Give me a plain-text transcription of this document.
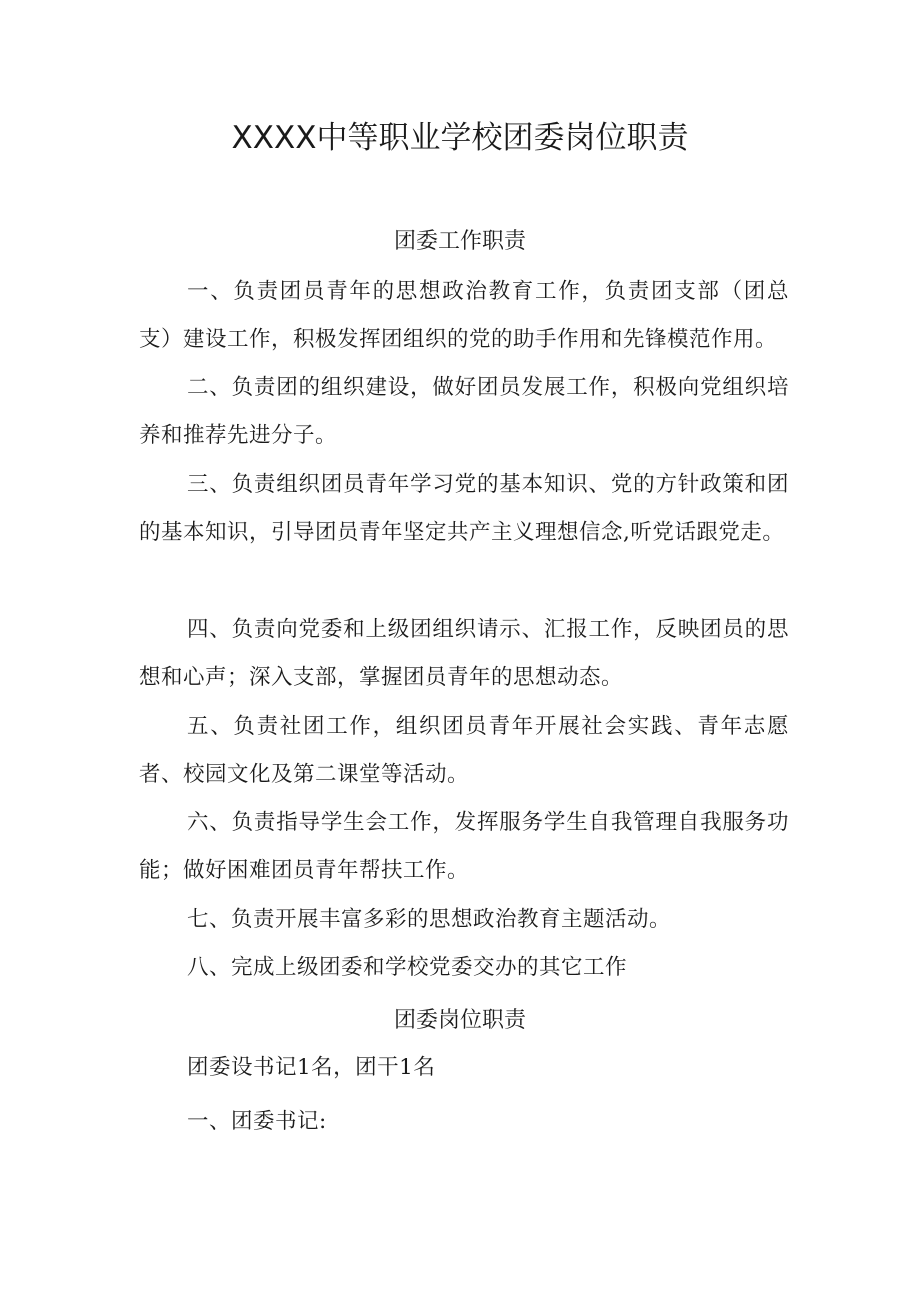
XXXX中等职业学校团委岗位职责
团委工作职责

一、负责团员青年的思想政治教育工作，负责团支部（团总支）建设工作，积极发挥团组织的党的助手作用和先锋模范作用。

二、负责团的组织建设，做好团员发展工作，积极向党组织培养和推荐先进分子。

三、负责组织团员青年学习党的基本知识、党的方针政策和团的基本知识，引导团员青年坚定共产主义理想信念,听党话跟党走。

四、负责向党委和上级团组织请示、汇报工作，反映团员的思想和心声；深入支部，掌握团员青年的思想动态。

五、负责社团工作，组织团员青年开展社会实践、青年志愿者、校园文化及第二课堂等活动。

六、负责指导学生会工作，发挥服务学生自我管理自我服务功能；做好困难团员青年帮扶工作。

七、负责开展丰富多彩的思想政治教育主题活动。

八、完成上级团委和学校党委交办的其它工作

团委岗位职责

团委设书记1名，团干1名

一、团委书记:
